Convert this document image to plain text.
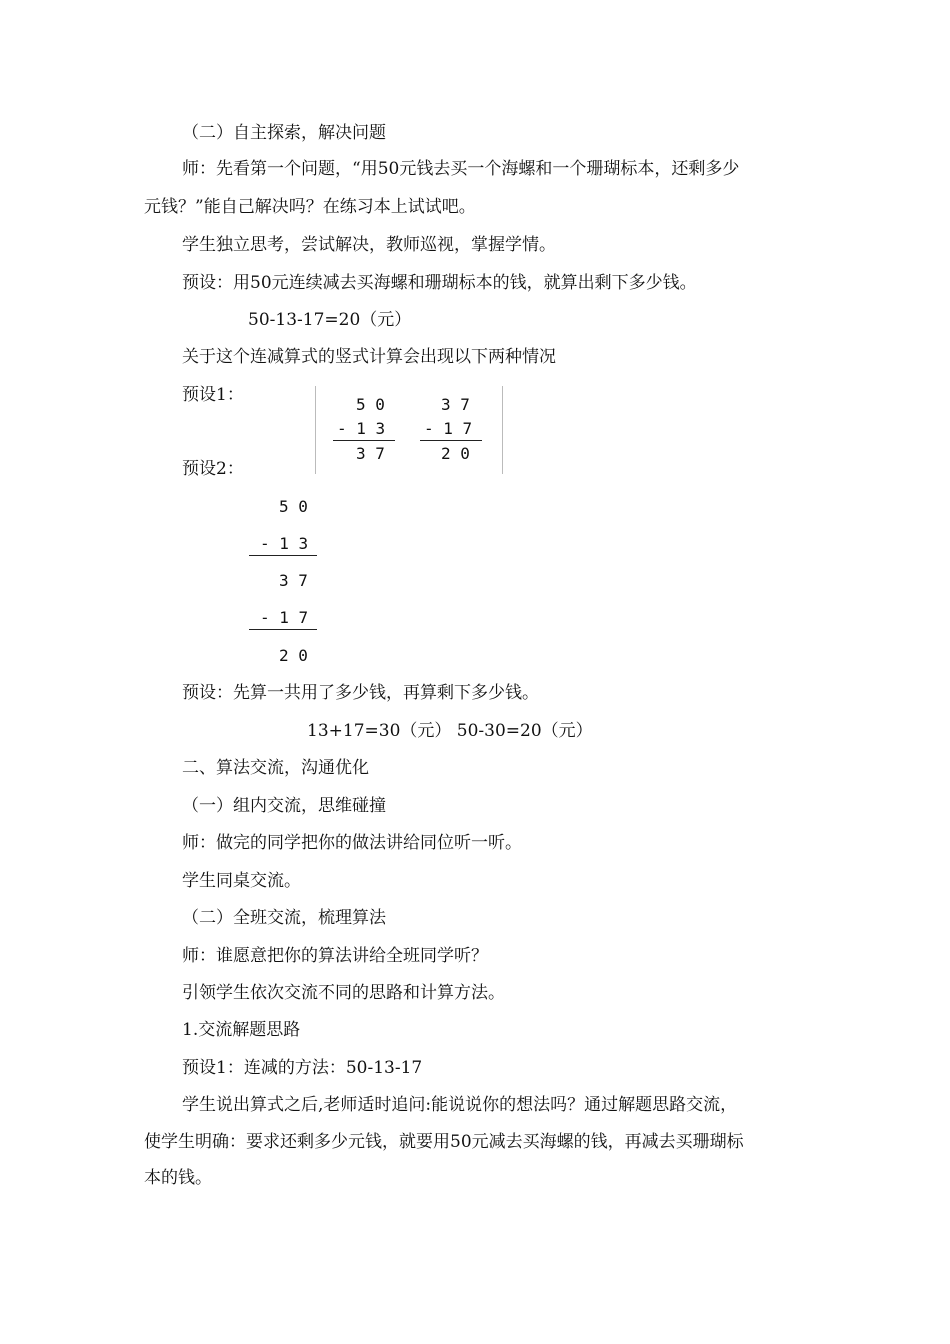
（二）自主探索，解决问题
师：先看第一个问题，“用50元钱去买一个海螺和一个珊瑚标本，还剩多少
元钱？”能自己解决吗？在练习本上试试吧。
学生独立思考，尝试解决，教师巡视，掌握学情。
预设：用50元连续减去买海螺和珊瑚标本的钱，就算出剩下多少钱。
50-13-17=20（元）
关于这个连减算式的竖式计算会出现以下两种情况
预设1：	5 0
- 1 3
3 7
3 7
- 1 7
2 0
预设2：
5 0
- 1 3
3 7
- 1 7
2 0
预设：先算一共用了多少钱，再算剩下多少钱。
13+17=30（元） 50-30=20（元）
二、算法交流，沟通优化
（一）组内交流，思维碰撞
师：做完的同学把你的做法讲给同位听一听。
学生同桌交流。
（二）全班交流，梳理算法
师：谁愿意把你的算法讲给全班同学听？
引领学生依次交流不同的思路和计算方法。
1.交流解题思路
预设1：连减的方法：50-13-17
学生说出算式之后,老师适时追问:能说说你的想法吗？通过解题思路交流，
使学生明确：要求还剩多少元钱，就要用50元减去买海螺的钱，再减去买珊瑚标
本的钱。
